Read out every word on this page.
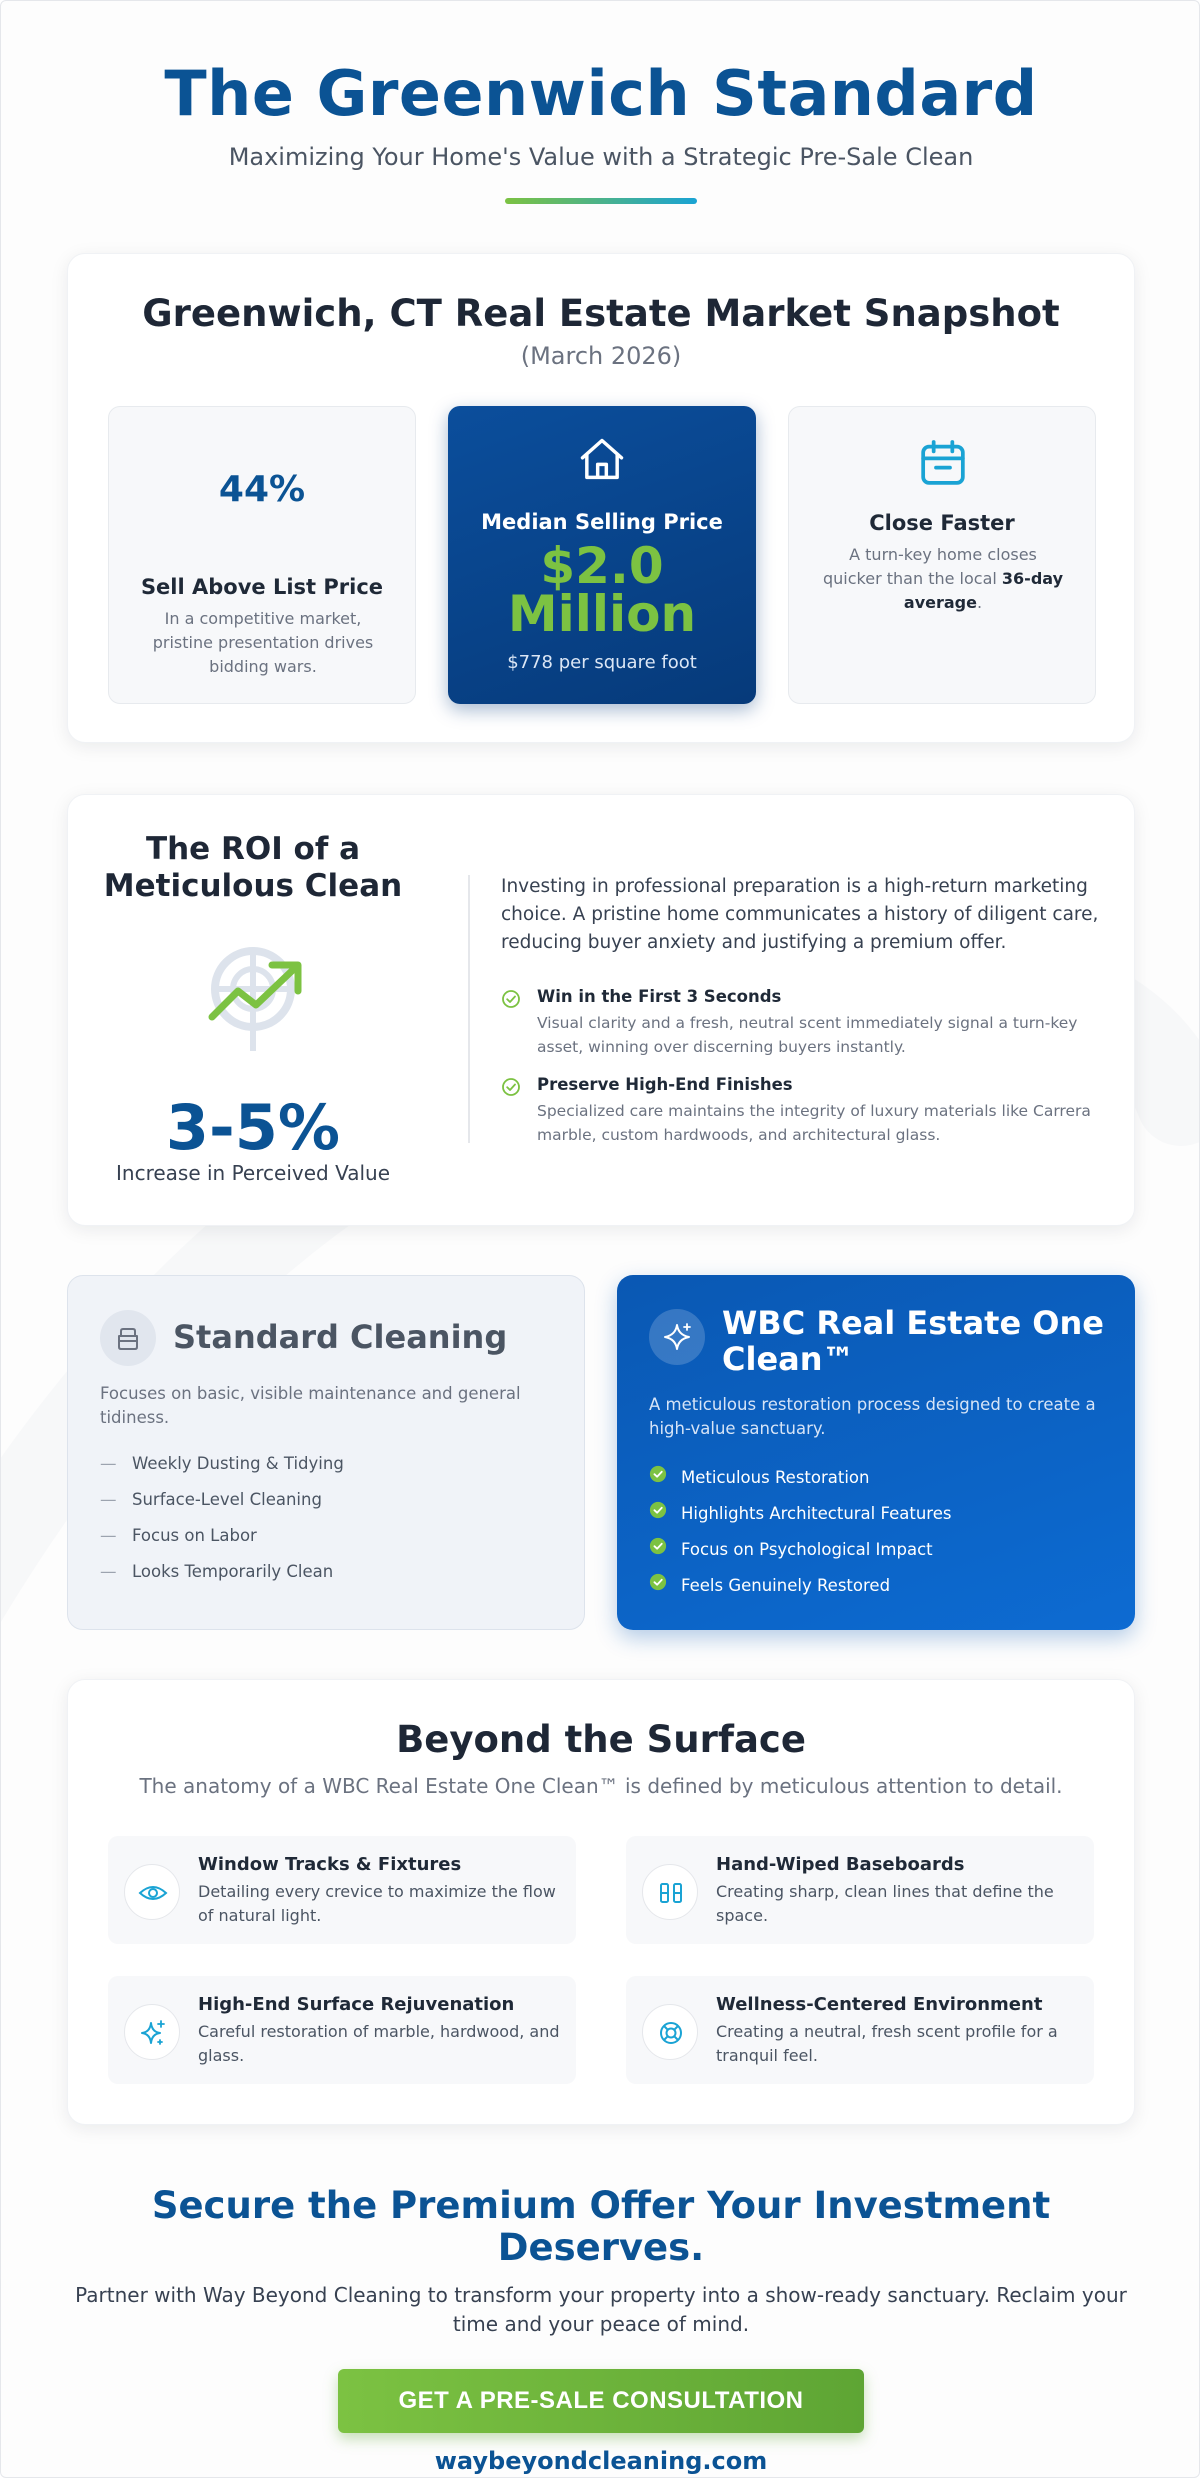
The Greenwich Standard
Maximizing Your Home's Value with a Strategic Pre-Sale Clean
Greenwich, CT Real Estate Market Snapshot
(March 2026)
44%
Sell Above List Price
In a competitive market, pristine presentation drives bidding wars.
Median Selling Price
$2.0
Million
$778 per square foot
Close Faster
A turn-key home closes quicker than the local 36-day average.
The ROI of a Meticulous Clean
3-5%
Increase in Perceived Value

Investing in professional preparation is a high-return marketing choice. A pristine home communicates a history of diligent care, reducing buyer anxiety and justifying a premium offer.

Win in the First 3 Seconds
Visual clarity and a fresh, neutral scent immediately signal a turn-key asset, winning over discerning buyers instantly.
Preserve High-End Finishes
Specialized care maintains the integrity of luxury materials like Carrera marble, custom hardwoods, and architectural glass.
Standard Cleaning
Focuses on basic, visible maintenance and general tidiness.
— Weekly Dusting & Tidying
— Surface-Level Cleaning
— Focus on Labor
— Looks Temporarily Clean
WBC Real Estate One Clean™
A meticulous restoration process designed to create a high-value sanctuary.
Meticulous Restoration
Highlights Architectural Features
Focus on Psychological Impact
Feels Genuinely Restored
Beyond the Surface
The anatomy of a WBC Real Estate One Clean™ is defined by meticulous attention to detail.
Window Tracks & Fixtures
Detailing every crevice to maximize the flow of natural light.
Hand-Wiped Baseboards
Creating sharp, clean lines that define the space.
High-End Surface Rejuvenation
Careful restoration of marble, hardwood, and glass.
Wellness-Centered Environment
Creating a neutral, fresh scent profile for a tranquil feel.
Secure the Premium Offer Your Investment Deserves.

Partner with Way Beyond Cleaning to transform your property into a show-ready sanctuary. Reclaim your time and your peace of mind.

GET A PRE-SALE CONSULTATION
waybeyondcleaning.com
